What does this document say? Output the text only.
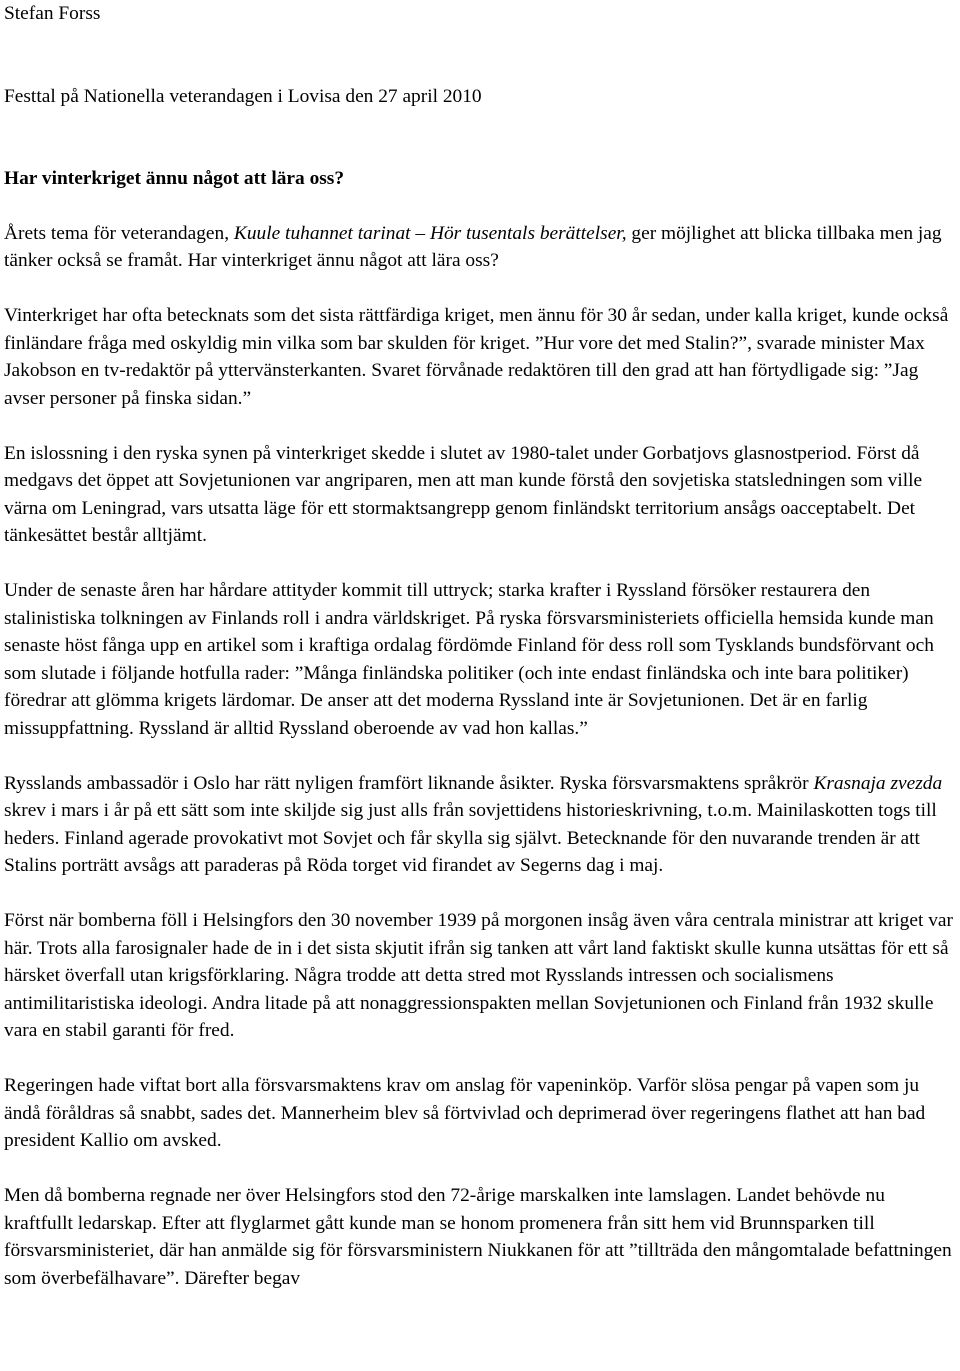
Stefan Forss

Festtal på Nationella veterandagen i Lovisa den 27 april 2010

Har vinterkriget ännu något att lära oss?

Årets tema för veterandagen, Kuule tuhannet tarinat – Hör tusentals berättelser, ger möjlighet att blicka tillbaka men jag tänker också se framåt. Har vinterkriget ännu något att lära oss?

Vinterkriget har ofta betecknats som det sista rättfärdiga kriget, men ännu för 30 år sedan, under kalla kriget, kunde också finländare fråga med oskyldig min vilka som bar skulden för kriget. ”Hur vore det med Stalin?”, svarade minister Max Jakobson en tv-redaktör på yttervänsterkanten. Svaret förvånade redaktören till den grad att han förtydligade sig: ”Jag avser personer på finska sidan.”

En islossning i den ryska synen på vinterkriget skedde i slutet av 1980-talet under Gorbatjovs glasnostperiod. Först då medgavs det öppet att Sovjetunionen var angriparen, men att man kunde förstå den sovjetiska statsledningen som ville värna om Leningrad, vars utsatta läge för ett stormaktsangrepp genom finländskt territorium ansågs oacceptabelt. Det tänkesättet består alltjämt.

Under de senaste åren har hårdare attityder kommit till uttryck; starka krafter i Ryssland försöker restaurera den stalinistiska tolkningen av Finlands roll i andra världskriget. På ryska försvarsministeriets officiella hemsida kunde man senaste höst fånga upp en artikel som i kraftiga ordalag fördömde Finland för dess roll som Tysklands bundsförvant och som slutade i följande hotfulla rader: ”Många finländska politiker (och inte endast finländska och inte bara politiker) föredrar att glömma krigets lärdomar. De anser att det moderna Ryssland inte är Sovjetunionen. Det är en farlig missuppfattning. Ryssland är alltid Ryssland oberoende av vad hon kallas.”

Rysslands ambassadör i Oslo har rätt nyligen framfört liknande åsikter. Ryska försvarsmaktens språkrör Krasnaja zvezda skrev i mars i år på ett sätt som inte skiljde sig just alls från sovjettidens historieskrivning, t.o.m. Mainilaskotten togs till heders. Finland agerade provokativt mot Sovjet och får skylla sig självt. Betecknande för den nuvarande trenden är att Stalins porträtt avsågs att paraderas på Röda torget vid firandet av Segerns dag i maj.

Först när bomberna föll i Helsingfors den 30 november 1939 på morgonen insåg även våra centrala ministrar att kriget var här. Trots alla farosignaler hade de in i det sista skjutit ifrån sig tanken att vårt land faktiskt skulle kunna utsättas för ett så härsket överfall utan krigsförklaring. Några trodde att detta stred mot Rysslands intressen och socialismens antimilitaristiska ideologi. Andra litade på att nonaggressionspakten mellan Sovjetunionen och Finland från 1932 skulle vara en stabil garanti för fred.

Regeringen hade viftat bort alla försvarsmaktens krav om anslag för vapeninköp. Varför slösa pengar på vapen som ju ändå föråldras så snabbt, sades det. Mannerheim blev så förtvivlad och deprimerad över regeringens flathet att han bad president Kallio om avsked.

Men då bomberna regnade ner över Helsingfors stod den 72-årige marskalken inte lamslagen. Landet behövde nu kraftfullt ledarskap. Efter att flyglarmet gått kunde man se honom promenera från sitt hem vid Brunnsparken till försvarsministeriet, där han anmälde sig för försvarsministern Niukkanen för att ”tillträda den mångomtalade befattningen som överbefälhavare”. Därefter begav
